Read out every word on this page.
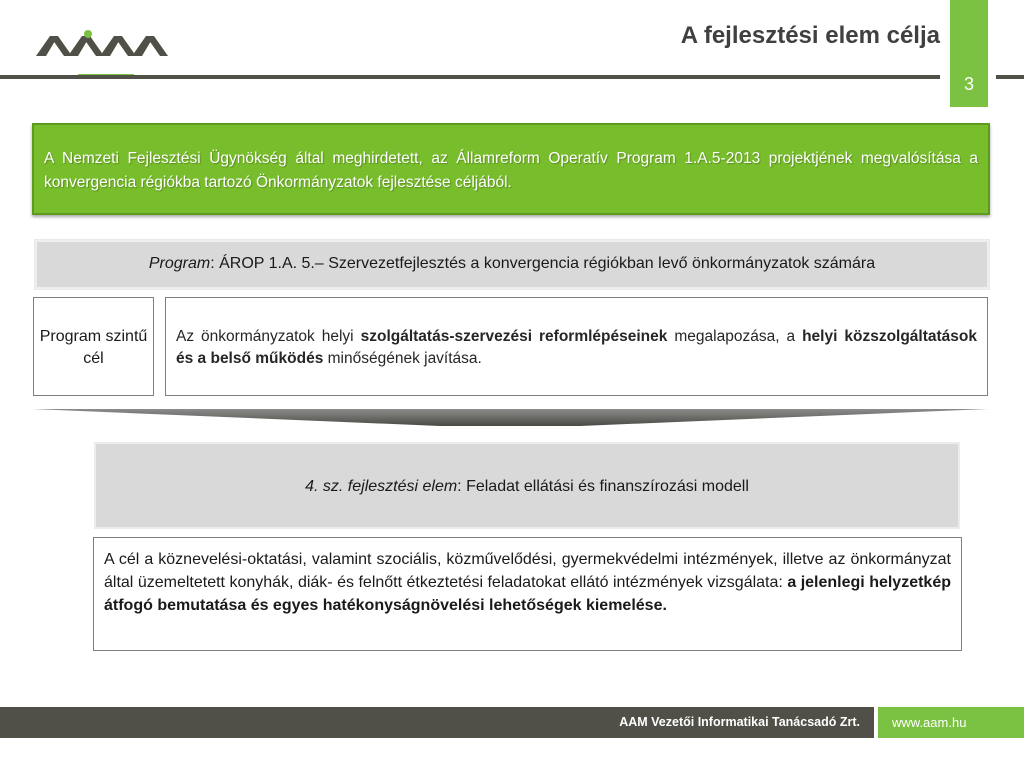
A fejlesztési elem célja
3
A Nemzeti Fejlesztési Ügynökség által meghirdetett, az Államreform Operatív Program 1.A.5-2013 projektjének megvalósítása a konvergencia régiókba tartozó Önkormányzatok fejlesztése céljából.
Program: ÁROP 1.A. 5.– Szervezetfejlesztés a konvergencia régiókban levő önkormányzatok számára
Program szintű cél
Az önkormányzatok helyi szolgáltatás-szervezési reformlépéseinek megalapozása, a helyi közszolgáltatások és a belső működés minőségének javítása.
4. sz. fejlesztési elem: Feladat ellátási és finanszírozási modell
A cél a köznevelési-oktatási, valamint szociális, közművelődési, gyermekvédelmi intézmények, illetve az önkormányzat által üzemeltetett konyhák, diák- és felnőtt étkeztetési feladatokat ellátó intézmények vizsgálata: a jelenlegi helyzetkép átfogó bemutatása és egyes hatékonyságnövelési lehetőségek kiemelése.
AAM Vezetői Informatikai Tanácsadó Zrt. www.aam.hu
